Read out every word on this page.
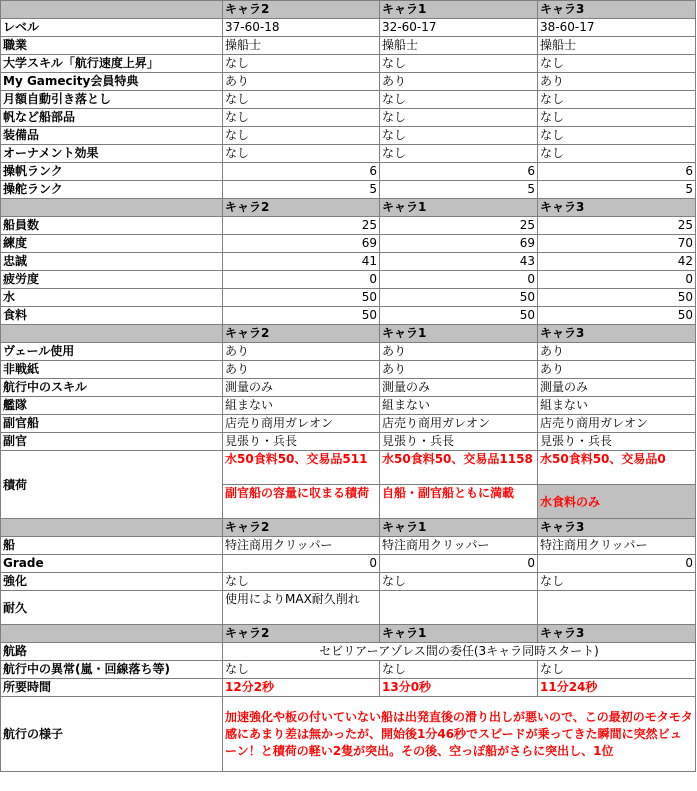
	キャラ2	キャラ1	キャラ3
レベル	37-60-18	32-60-17	38-60-17
職業	操船士	操船士	操船士
大学スキル「航行速度上昇」	なし	なし	なし
My Gamecity会員特典	あり	あり	あり
月額自動引き落とし	なし	なし	なし
帆など船部品	なし	なし	なし
装備品	なし	なし	なし
オーナメント効果	なし	なし	なし
操帆ランク	6	6	6
操舵ランク	5	5	5
	キャラ2	キャラ1	キャラ3
船員数	25	25	25
練度	69	69	70
忠誠	41	43	42
疲労度	0	0	0
水	50	50	50
食料	50	50	50
	キャラ2	キャラ1	キャラ3
ヴェール使用	あり	あり	あり
非戦紙	あり	あり	あり
航行中のスキル	測量のみ	測量のみ	測量のみ
艦隊	組まない	組まない	組まない
副官船	店売り商用ガレオン	店売り商用ガレオン	店売り商用ガレオン
副官	見張り・兵長	見張り・兵長	見張り・兵長
積荷	水50食料50、交易品511	水50食料50、交易品1158	水50食料50、交易品0
	副官船の容量に収まる積荷	自船・副官船ともに満載	水食料のみ
	キャラ2	キャラ1	キャラ3
船	特注商用クリッパー	特注商用クリッパー	特注商用クリッパー
Grade	0	0	0
強化	なし	なし	なし
耐久	使用によりMAX耐久削れ		
	キャラ2	キャラ1	キャラ3
航路	セビリアーアゾレス間の委任(3キャラ同時スタート)		
航行中の異常(嵐・回線落ち等)	なし	なし	なし
所要時間	12分2秒	13分0秒	11分24秒
航行の様子	加速強化や板の付いていない船は出発直後の滑り出しが悪いので、この最初のモタモタ感にあまり差は無かったが、開始後1分46秒でスピードが乗ってきた瞬間に突然ビューン！と積荷の軽い2隻が突出。その後、空っぽ船がさらに突出し、1位		
